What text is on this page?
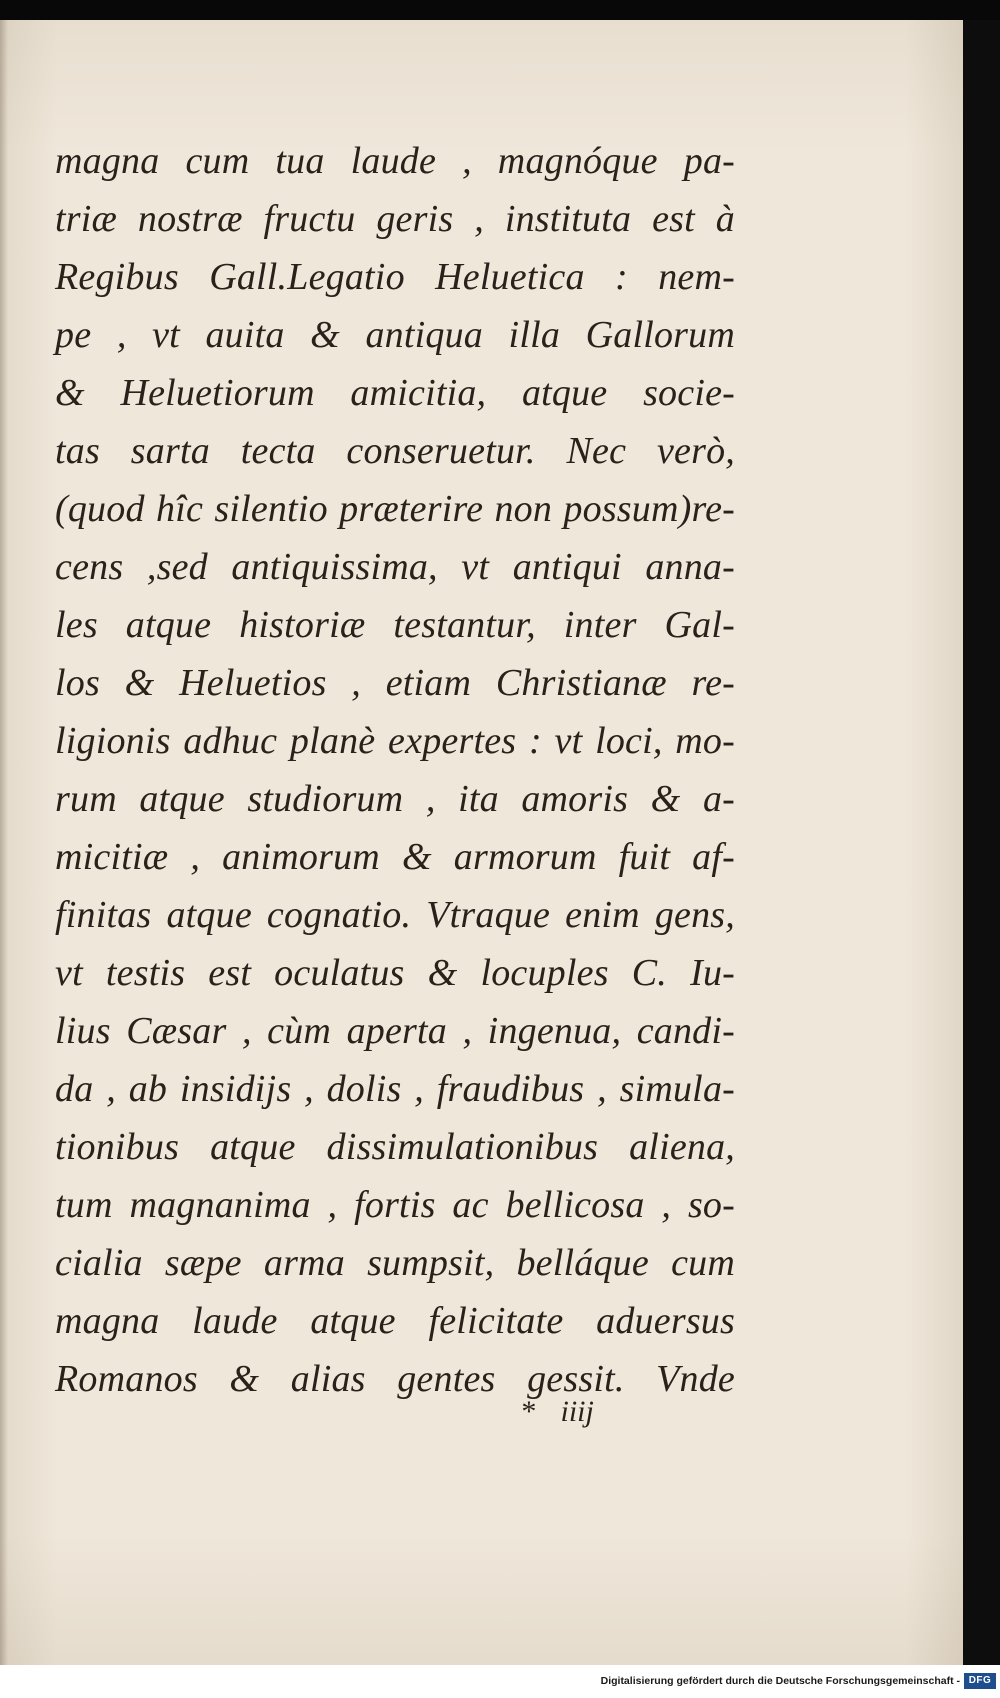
magna cum tua laude , magnóque pa-
triæ nostræ fructu geris , instituta est à
Regibus Gall.Legatio Heluetica : nem-
pe , vt auita & antiqua illa Gallorum
& Heluetiorum amicitia, atque socie-
tas sarta tecta conseruetur. Nec verò,
(quod hîc silentio præterire non possum)re-
cens ,sed antiquissima, vt antiqui anna-
les atque historiæ testantur, inter Gal-
los & Heluetios , etiam Christianæ re-
ligionis adhuc planè expertes : vt loci, mo-
rum atque studiorum , ita amoris & a-
micitiæ , animorum & armorum fuit af-
finitas atque cognatio. Vtraque enim gens,
vt testis est oculatus & locuples C. Iu-
lius Cæsar , cùm aperta , ingenua, candi-
da , ab insidijs , dolis , fraudibus , simula-
tionibus atque dissimulationibus aliena,
tum magnanima , fortis ac bellicosa , so-
cialia sæpe arma sumpsit, belláque cum
magna laude atque felicitate aduersus
Romanos & alias gentes gessit. Vnde
* iiij
Digitalisierung gefördert durch die Deutsche Forschungsgemeinschaft - DFG
